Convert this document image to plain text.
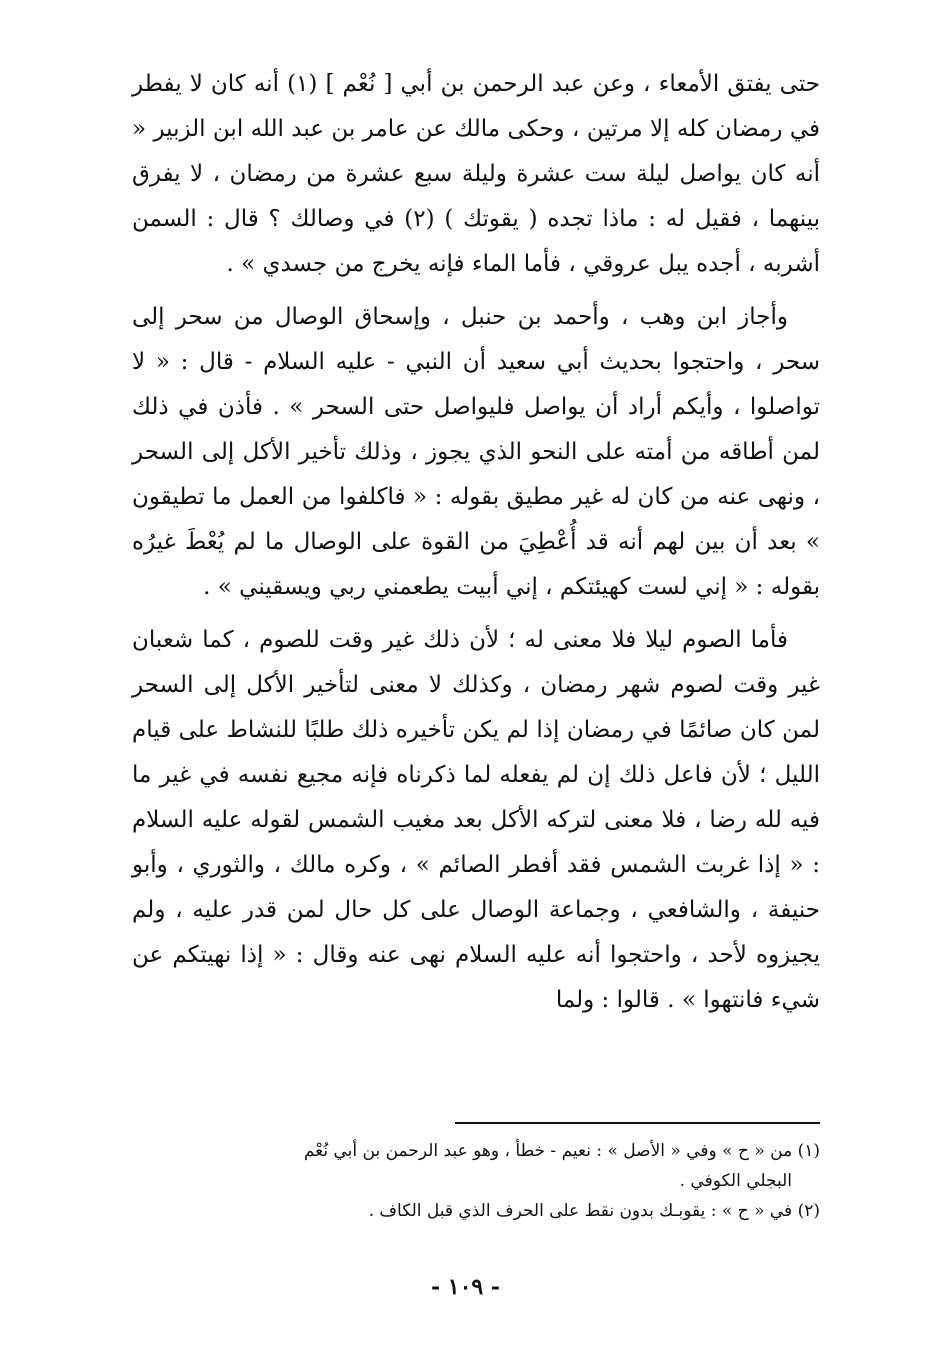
حتى يفتق الأمعاء ، وعن عبد الرحمن بن أبي [ نُعْم ] (١) أنه كان لا يفطر في رمضان كله إلا مرتين ، وحكى مالك عن عامر بن عبد الله ابن الزبير « أنه كان يواصل ليلة ست عشرة وليلة سبع عشرة من رمضان ، لا يفرق بينهما ، فقيل له : ماذا تجده ( يقوتك ) (٢) في وصالك ؟ قال : السمن أشربه ، أجده يبل عروقي ، فأما الماء فإنه يخرج من جسدي » .

وأجاز ابن وهب ، وأحمد بن حنبل ، وإسحاق الوصال من سحر إلى سحر ، واحتجوا بحديث أبي سعيد أن النبي - عليه السلام - قال : « لا تواصلوا ، وأيكم أراد أن يواصل فليواصل حتى السحر » . فأذن في ذلك لمن أطاقه من أمته على النحو الذي يجوز ، وذلك تأخير الأكل إلى السحر ، ونهى عنه من كان له غير مطيق بقوله : « فاكلفوا من العمل ما تطيقون » بعد أن بين لهم أنه قد أُعْطِيَ من القوة على الوصال ما لم يُعْطَ غيرُه بقوله : « إني لست كهيئتكم ، إني أبيت يطعمني ربي ويسقيني » .

فأما الصوم ليلا فلا معنى له ؛ لأن ذلك غير وقت للصوم ، كما شعبان غير وقت لصوم شهر رمضان ، وكذلك لا معنى لتأخير الأكل إلى السحر لمن كان صائمًا في رمضان إذا لم يكن تأخيره ذلك طلبًا للنشاط على قيام الليل ؛ لأن فاعل ذلك إن لم يفعله لما ذكرناه فإنه مجيع نفسه في غير ما فيه لله رضا ، فلا معنى لتركه الأكل بعد مغيب الشمس لقوله عليه السلام : « إذا غربت الشمس فقد أفطر الصائم » ، وكره مالك ، والثوري ، وأبو حنيفة ، والشافعي ، وجماعة الوصال على كل حال لمن قدر عليه ، ولم يجيزوه لأحد ، واحتجوا أنه عليه السلام نهى عنه وقال : « إذا نهيتكم عن شيء فانتهوا » . قالوا : ولما

(١) من « ح » وفي « الأصل » : نعيم - خطأ ، وهو عبد الرحمن بن أبي نُعْم

البجلي الكوفي .

(٢) في « ح » : يقوبـك بدون نقط على الحرف الذي قبل الكاف .

- ١٠٩ -
